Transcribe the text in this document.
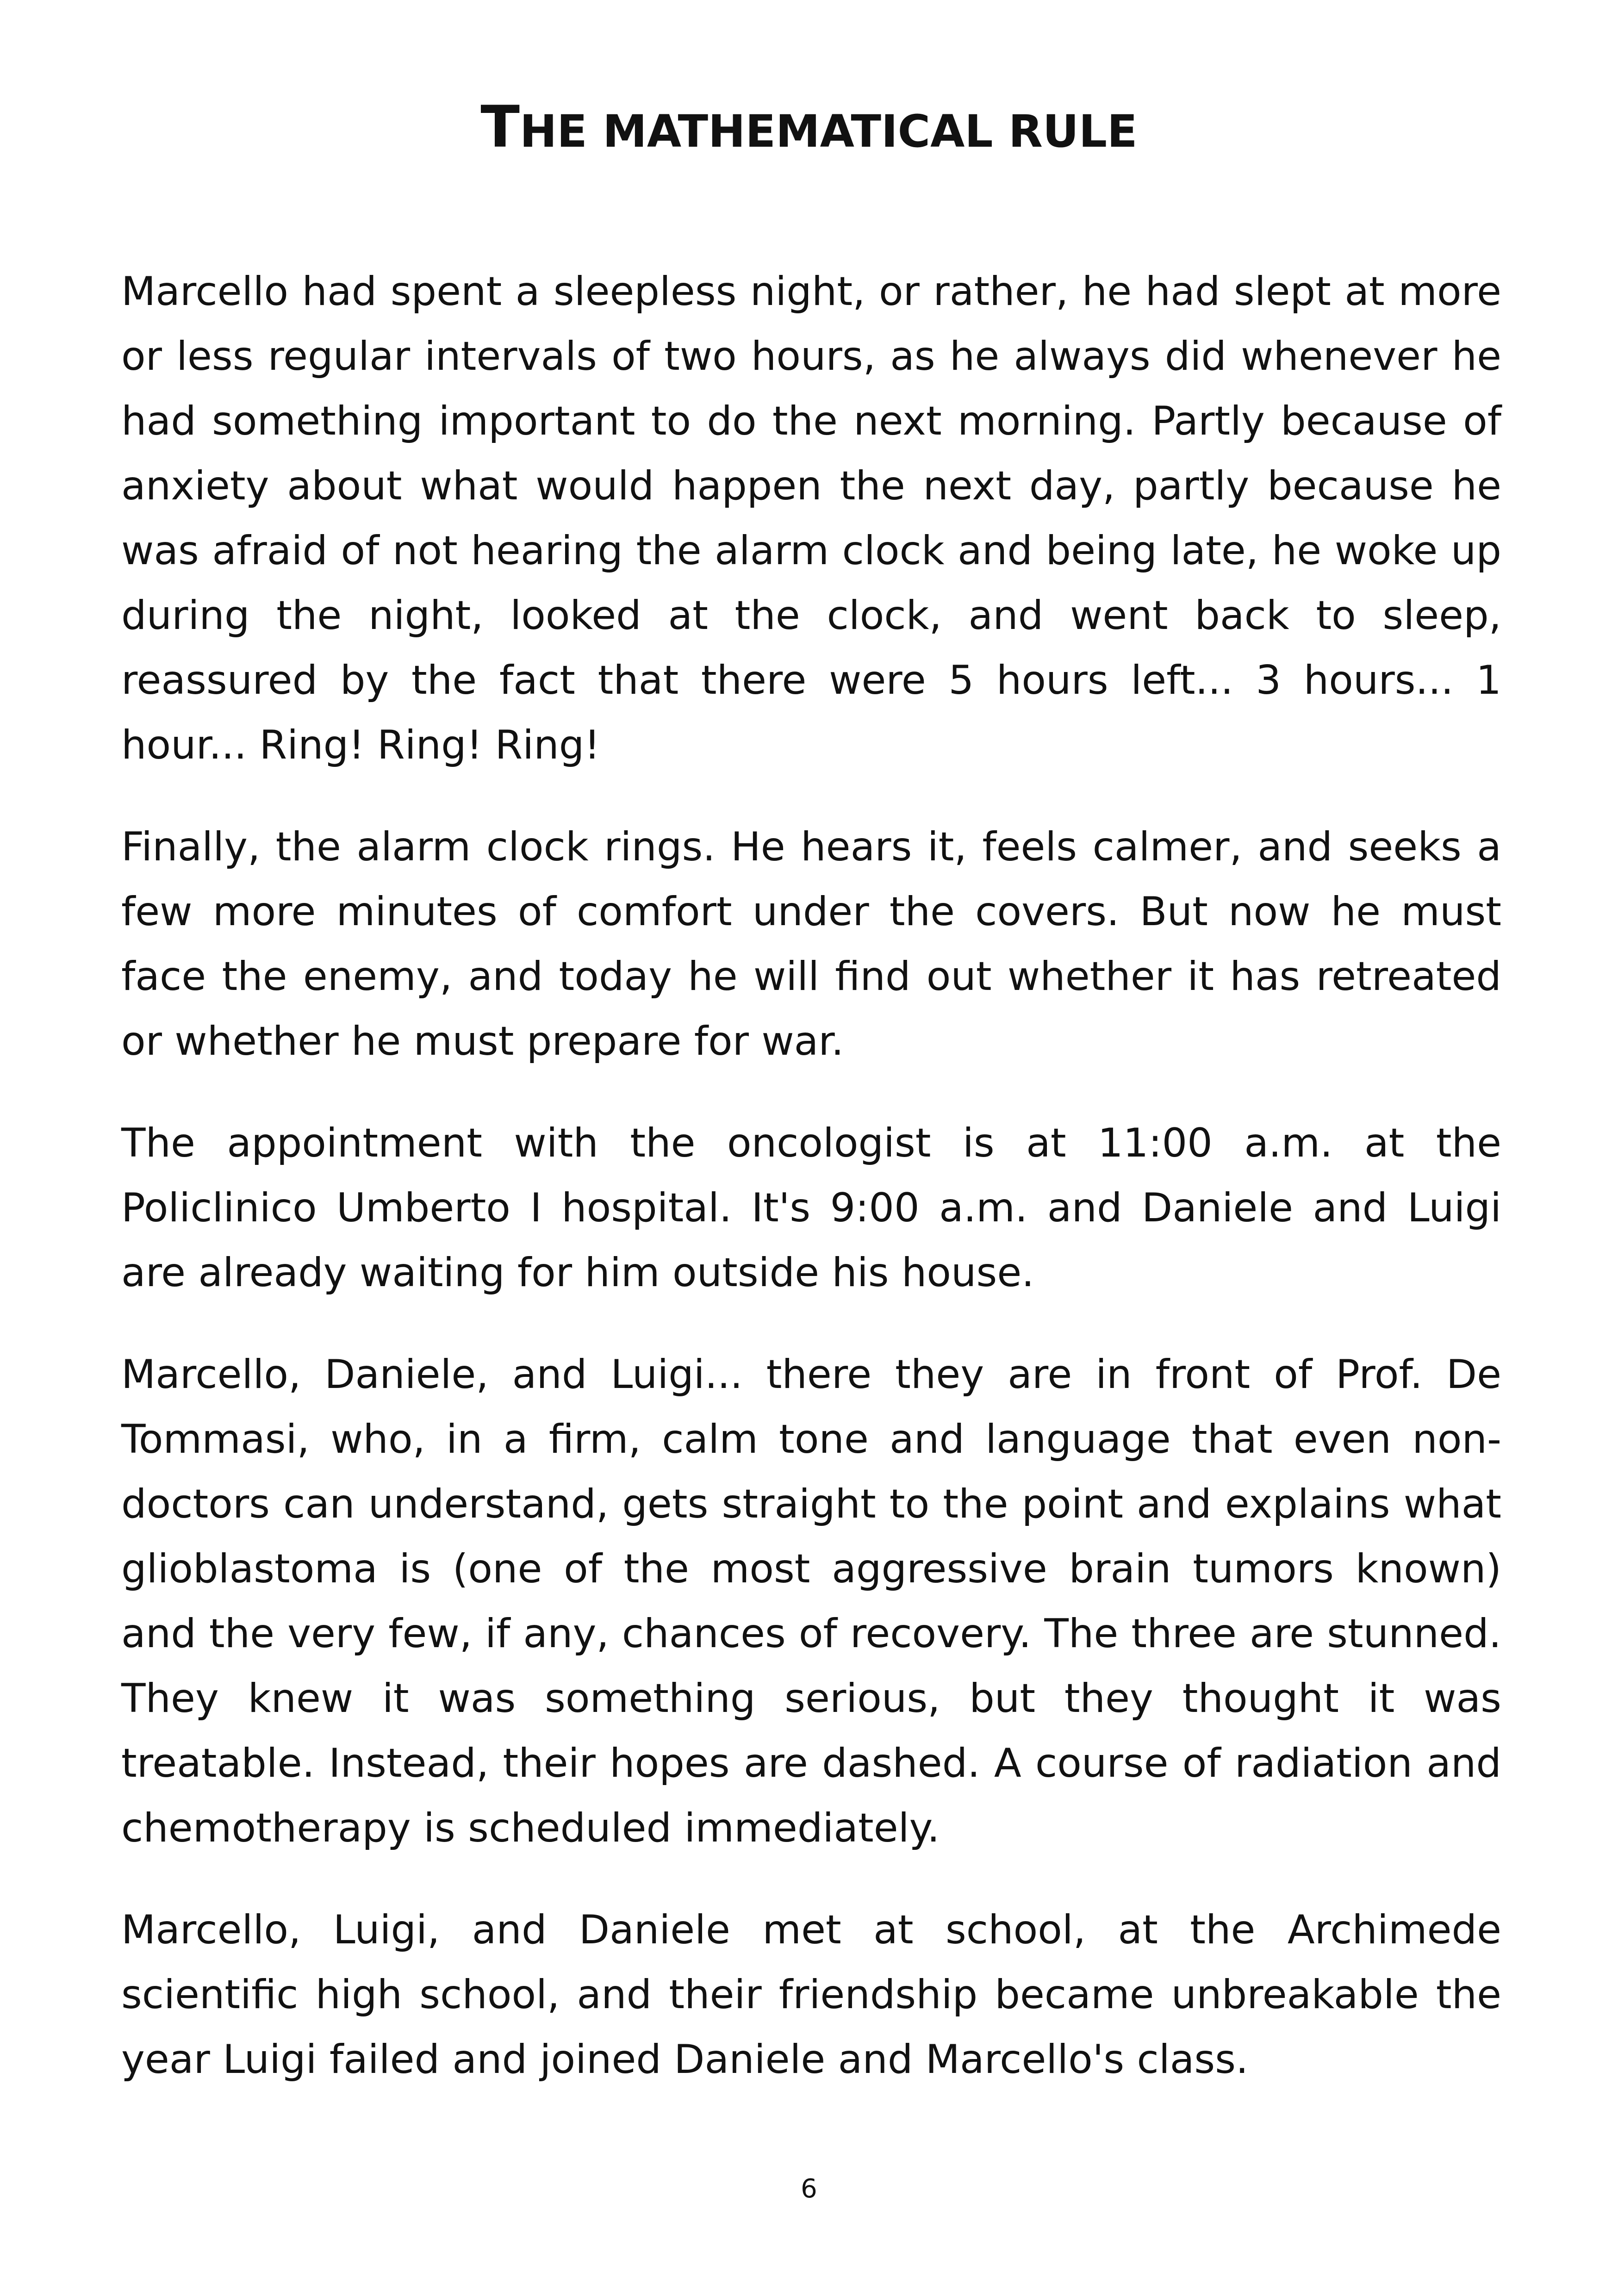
THE MATHEMATICAL RULE

Marcello had spent a sleepless night, or rather, he had slept at more or less regular intervals of two hours, as he always did whenever he had something important to do the next morning. Partly because of anxiety about what would happen the next day, partly because he was afraid of not hearing the alarm clock and being late, he woke up during the night, looked at the clock, and went back to sleep, reassured by the fact that there were 5 hours left... 3 hours... 1 hour... Ring! Ring! Ring!

Finally, the alarm clock rings. He hears it, feels calmer, and seeks a few more minutes of comfort under the covers. But now he must face the enemy, and today he will find out whether it has retreated or whether he must prepare for war.

The appointment with the oncologist is at 11:00 a.m. at the Policlinico Umberto I hospital. It's 9:00 a.m. and Daniele and Luigi are already waiting for him outside his house.

Marcello, Daniele, and Luigi... there they are in front of Prof. De Tommasi, who, in a firm, calm tone and language that even non-doctors can understand, gets straight to the point and explains what glioblastoma is (one of the most aggressive brain tumors known) and the very few, if any, chances of recovery. The three are stunned. They knew it was something serious, but they thought it was treatable. Instead, their hopes are dashed. A course of radiation and chemotherapy is scheduled immediately.

Marcello, Luigi, and Daniele met at school, at the Archimede scientific high school, and their friendship became unbreakable the year Luigi failed and joined Daniele and Marcello's class.

6
